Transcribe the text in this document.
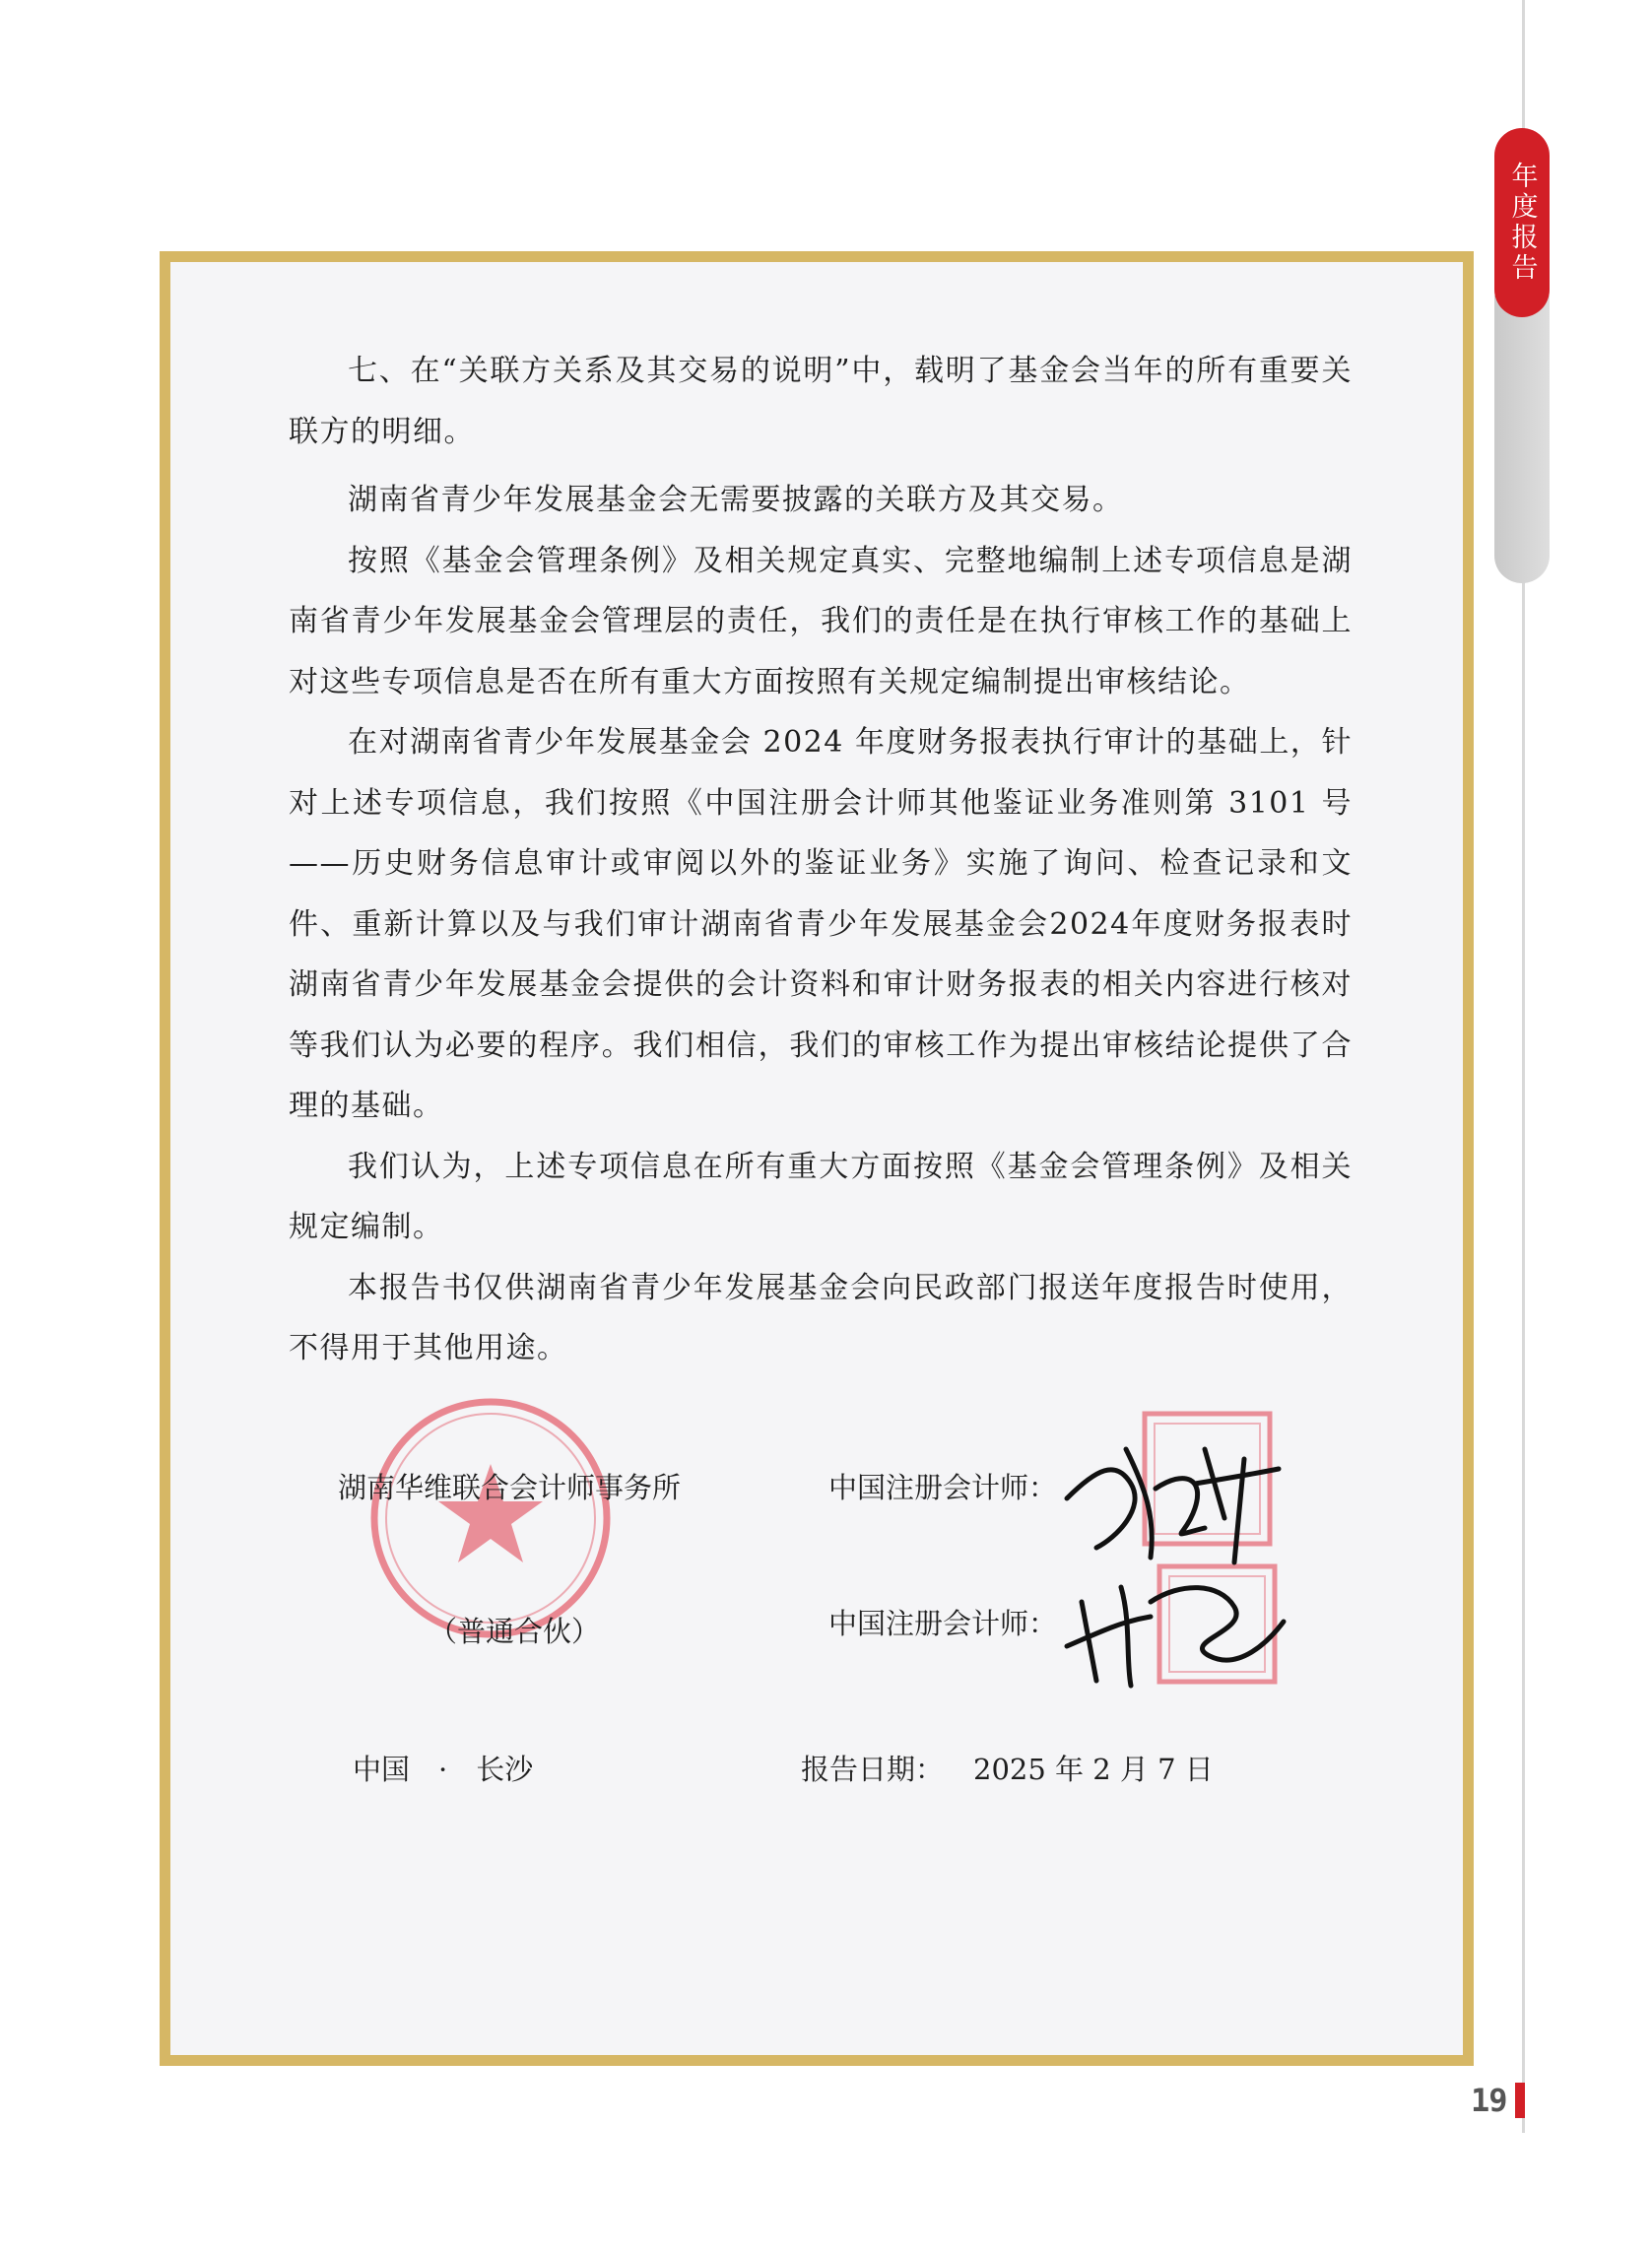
年度报告

七、在“关联方关系及其交易的说明”中，载明了基金会当年的所有重要关联方的明细。

湖南省青少年发展基金会无需要披露的关联方及其交易。

按照《基金会管理条例》及相关规定真实、完整地编制上述专项信息是湖南省青少年发展基金会管理层的责任，我们的责任是在执行审核工作的基础上对这些专项信息是否在所有重大方面按照有关规定编制提出审核结论。

在对湖南省青少年发展基金会 2024 年度财务报表执行审计的基础上，针对上述专项信息，我们按照《中国注册会计师其他鉴证业务准则第 3101 号——历史财务信息审计或审阅以外的鉴证业务》实施了询问、检查记录和文件、重新计算以及与我们审计湖南省青少年发展基金会2024年度财务报表时湖南省青少年发展基金会提供的会计资料和审计财务报表的相关内容进行核对等我们认为必要的程序。我们相信，我们的审核工作为提出审核结论提供了合理的基础。

我们认为，上述专项信息在所有重大方面按照《基金会管理条例》及相关规定编制。

本报告书仅供湖南省青少年发展基金会向民政部门报送年度报告时使用，不得用于其他用途。

湖南华维联合会计师事务所
（普通合伙）
中国注册会计师：
中国注册会计师：
中国　·　长沙	报告日期： 2025 年 2 月 7 日
19
